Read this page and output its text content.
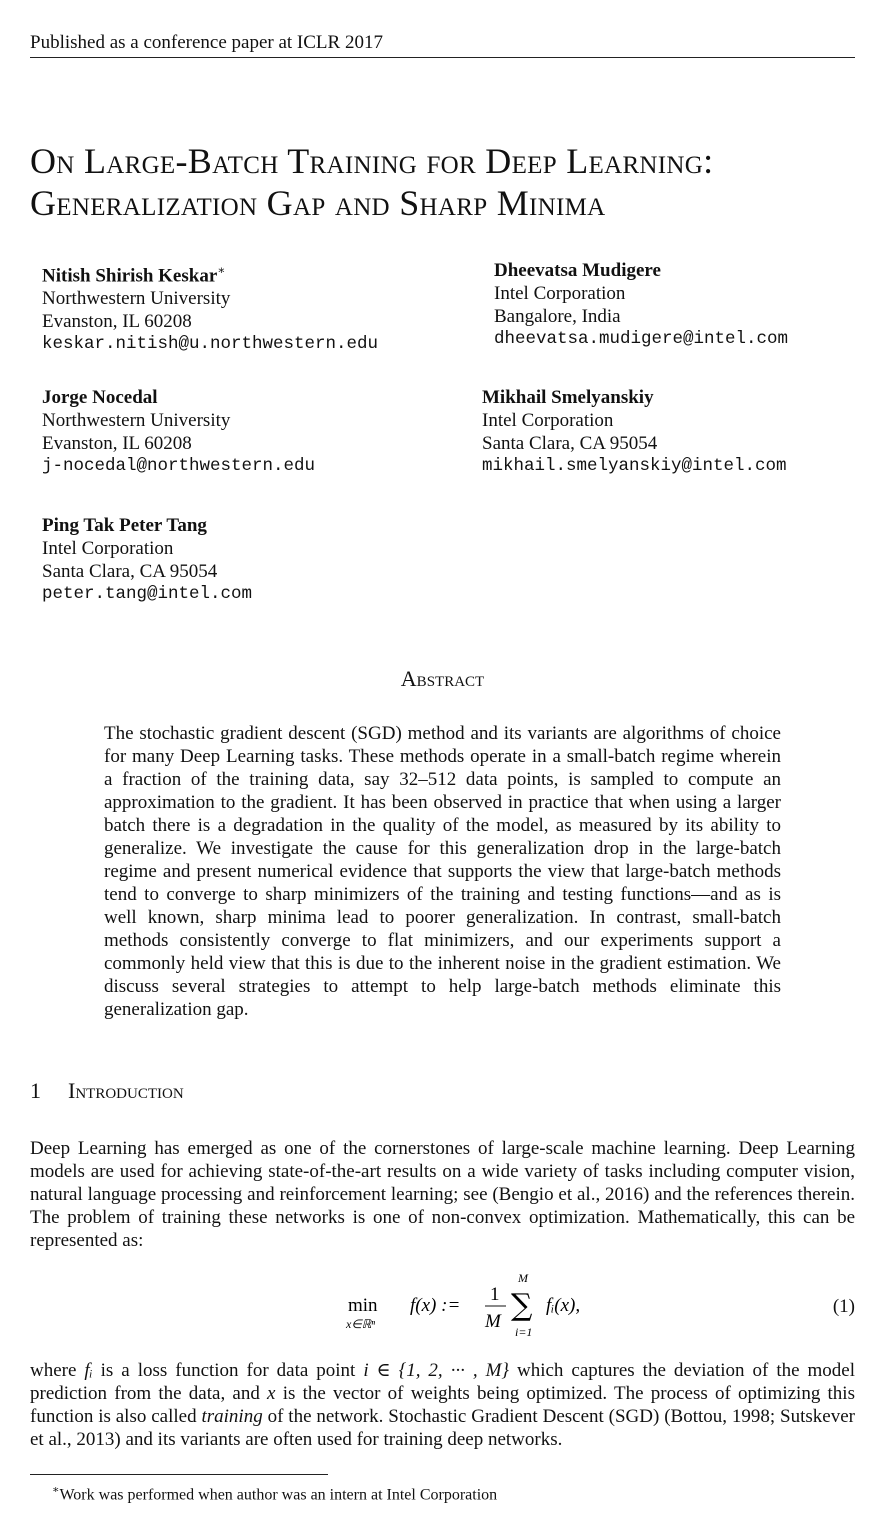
Published as a conference paper at ICLR 2017
On Large-Batch Training for Deep Learning:
Generalization Gap and Sharp Minima
Nitish Shirish Keskar∗
Northwestern University
Evanston, IL 60208
keskar.nitish@u.northwestern.edu
Dheevatsa Mudigere
Intel Corporation
Bangalore, India
dheevatsa.mudigere@intel.com
Jorge Nocedal
Northwestern University
Evanston, IL 60208
j-nocedal@northwestern.edu
Mikhail Smelyanskiy
Intel Corporation
Santa Clara, CA 95054
mikhail.smelyanskiy@intel.com
Ping Tak Peter Tang
Intel Corporation
Santa Clara, CA 95054
peter.tang@intel.com
Abstract

The stochastic gradient descent (SGD) method and its variants are algorithms of choice for many Deep Learning tasks. These methods operate in a small-batch regime wherein a fraction of the training data, say 32–512 data points, is sampled to compute an approximation to the gradient. It has been observed in practice that when using a larger batch there is a degradation in the quality of the model, as measured by its ability to generalize. We investigate the cause for this generalization drop in the large-batch regime and present numerical evidence that supports the view that large-batch methods tend to converge to sharp minimizers of the training and testing functions—and as is well known, sharp minima lead to poorer generalization. In contrast, small-batch methods consistently converge to flat minimizers, and our experiments support a commonly held view that this is due to the inherent noise in the gradient estimation. We discuss several strategies to attempt to help large-batch methods eliminate this generalization gap.

1 Introduction

Deep Learning has emerged as one of the cornerstones of large-scale machine learning. Deep Learning models are used for achieving state-of-the-art results on a wide variety of tasks including computer vision, natural language processing and reinforcement learning; see (Bengio et al., 2016) and the references therein. The problem of training these networks is one of non-convex optimization. Mathematically, this can be represented as:

min
x∈ℝⁿ
f(x) :=
1
M
M
∑
i=1
fᵢ(x),	(1)

where fᵢ is a loss function for data point i ∈ {1, 2, ··· , M} which captures the deviation of the model prediction from the data, and x is the vector of weights being optimized. The process of optimizing this function is also called training of the network. Stochastic Gradient Descent (SGD) (Bottou, 1998; Sutskever et al., 2013) and its variants are often used for training deep networks.

∗Work was performed when author was an intern at Intel Corporation
